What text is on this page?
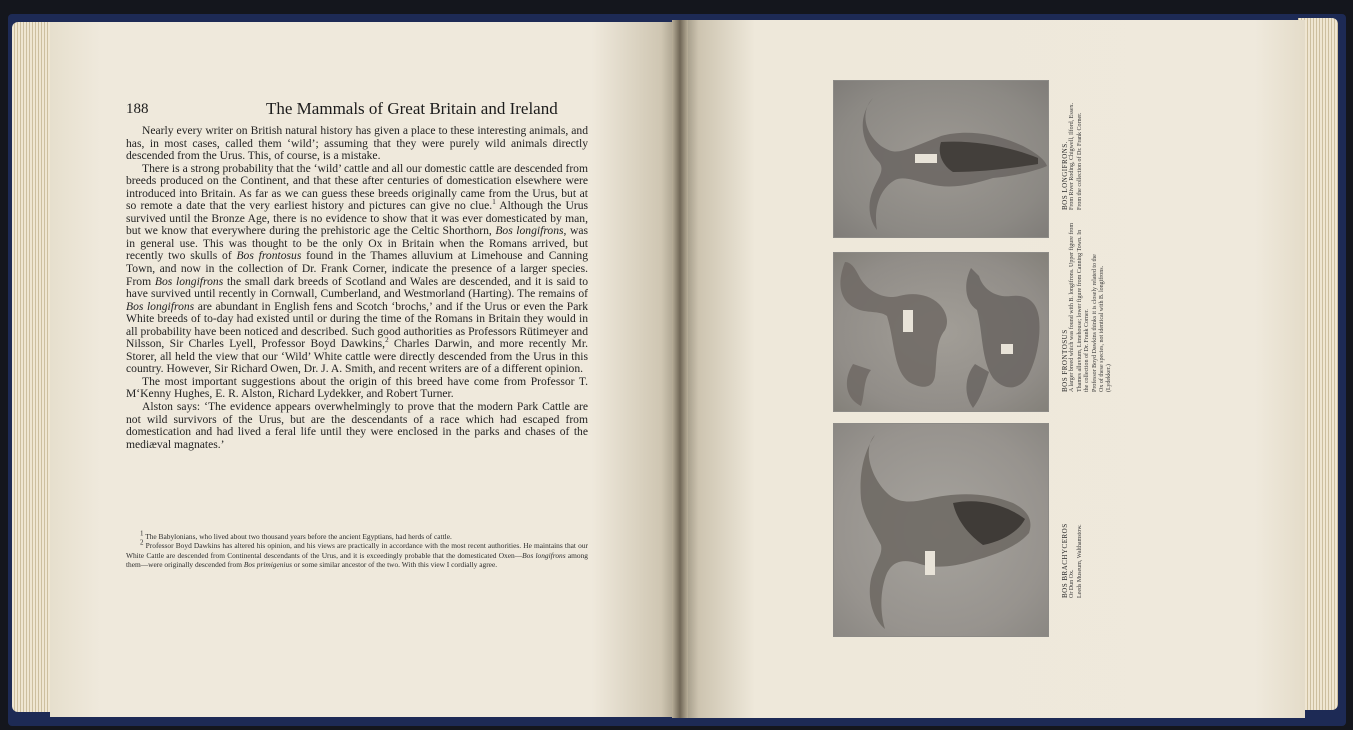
188	The Mammals of Great Britain and Ireland

Nearly every writer on British natural history has given a place to these interesting animals, and has, in most cases, called them ‘wild’; assuming that they were purely wild animals directly descended from the Urus. This, of course, is a mistake.

There is a strong probability that the ‘wild’ cattle and all our domestic cattle are descended from breeds produced on the Continent, and that these after centuries of domestication elsewhere were introduced into Britain. As far as we can guess these breeds originally came from the Urus, but at so remote a date that the very earliest history and pictures can give no clue.$^1$ Although the Urus survived until the Bronze Age, there is no evidence to show that it was ever domesticated by man, but we know that everywhere during the prehistoric age the Celtic Shorthorn, Bos longifrons, was in general use. This was thought to be the only Ox in Britain when the Romans arrived, but recently two skulls of Bos frontosus found in the Thames alluvium at Limehouse and Canning Town, and now in the collection of Dr. Frank Corner, indicate the presence of a larger species. From Bos longifrons the small dark breeds of Scotland and Wales are descended, and it is said to have survived until recently in Cornwall, Cumberland, and Westmorland (Harting). The remains of Bos longifrons are abundant in English fens and Scotch ‘brochs,’ and if the Urus or even the Park White breeds of to-day had existed until or during the time of the Romans in Britain they would in all probability have been noticed and described. Such good authorities as Professors Rütimeyer and Nilsson, Sir Charles Lyell, Professor Boyd Dawkins,$^2$ Charles Darwin, and more recently Mr. Storer, all held the view that our ‘Wild’ White cattle were directly descended from the Urus in this country. However, Sir Richard Owen, Dr. J. A. Smith, and recent writers are of a different opinion.

The most important suggestions about the origin of this breed have come from Professor T. M‘Kenny Hughes, E. R. Alston, Richard Lydekker, and Robert Turner.

Alston says: ‘The evidence appears overwhelmingly to prove that the modern Park Cattle are not wild survivors of the Urus, but are the descendants of a race which had escaped from domestication and had lived a feral life until they were enclosed in the parks and chases of the mediæval magnates.’

$^1$ The Babylonians, who lived about two thousand years before the ancient Egyptians, had herds of cattle.

$^2$ Professor Boyd Dawkins has altered his opinion, and his views are practically in accordance with the most recent authorities. He maintains that our White Cattle are descended from Continental descendants of the Urus, and it is exceedingly probable that the domesticated Oxen—Bos longifrons among them—were originally descended from Bos primigenius or some similar ancestor of the two. With this view I cordially agree.

BOS LONGIFRONS. From River Roding, Chigwell, Ilford, Essex. From the collection of Dr. Frank Corner.
BOS FRONTOSUS A larger breed which was found with B. longifrons. Upper figure from Thames alluvium, Limehouse; lower figure from Canning Town. In the collection of Dr. Frank Corner. Professor Boyd Dawkins thinks it is closely related to the Ox of these species, not identical with B. longifrons. (Lydekker.)
BOS BRACHYCEROS Or Dun Ox. Leeds Museum, Walthamstow.
